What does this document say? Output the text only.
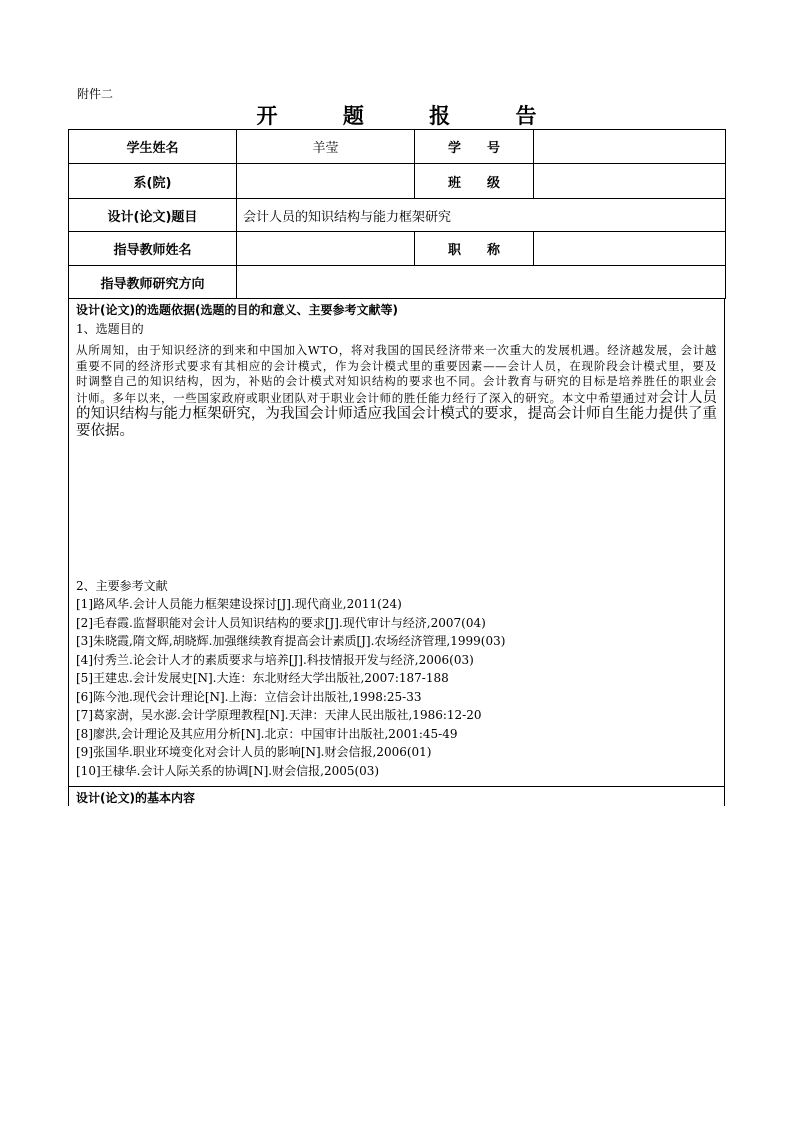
附件二
开	题	报	告
学生姓名	羊莹	学　　号	
系(院)		班　　级	
设计(论文)题目	会计人员的知识结构与能力框架研究		
指导教师姓名		职　　称	
指导教师研究方向			
设计(论文)的选题依据(选题的目的和意义、主要参考文献等)
1、选题目的
从所周知，由于知识经济的到来和中国加入WTO，将对我国的国民经济带来一次重大的发展机遇。经济越发展，会计越重要不同的经济形式要求有其相应的会计模式，作为会计模式里的重要因素——会计人员，在现阶段会计模式里，要及时调整自己的知识结构，因为，补贴的会计模式对知识结构的要求也不同。会计教育与研究的目标是培养胜任的职业会计师。多年以来，一些国家政府或职业团队对于职业会计师的胜任能力经行了深入的研究。本文中希望通过对会计人员的知识结构与能力框架研究，为我国会计师适应我国会计模式的要求，提高会计师自生能力提供了重要依据。
2、主要参考文献
[1]路风华.会计人员能力框架建设探讨[J].现代商业,2011(24)
[2]毛春霞.监督职能对会计人员知识结构的要求[J].现代审计与经济,2007(04)
[3]朱晓霞,隋文辉,胡晓辉.加强继续教育提高会计素质[J].农场经济管理,1999(03)
[4]付秀兰.论会计人才的素质要求与培养[J].科技情报开发与经济,2006(03)
[5]王建忠.会计发展史[N].大连：东北财经大学出版社,2007:187-188
[6]陈今池.现代会计理论[N].上海：立信会计出版社,1998:25-33
[7]葛家澍，吴水澎.会计学原理教程[N].天津：天津人民出版社,1986:12-20
[8]廖洪,会计理论及其应用分析[N].北京：中国审计出版社,2001:45-49
[9]张国华.职业环境变化对会计人员的影响[N].财会信报,2006(01)
[10]王棣华.会计人际关系的协调[N].财会信报,2005(03)
设计(论文)的基本内容
